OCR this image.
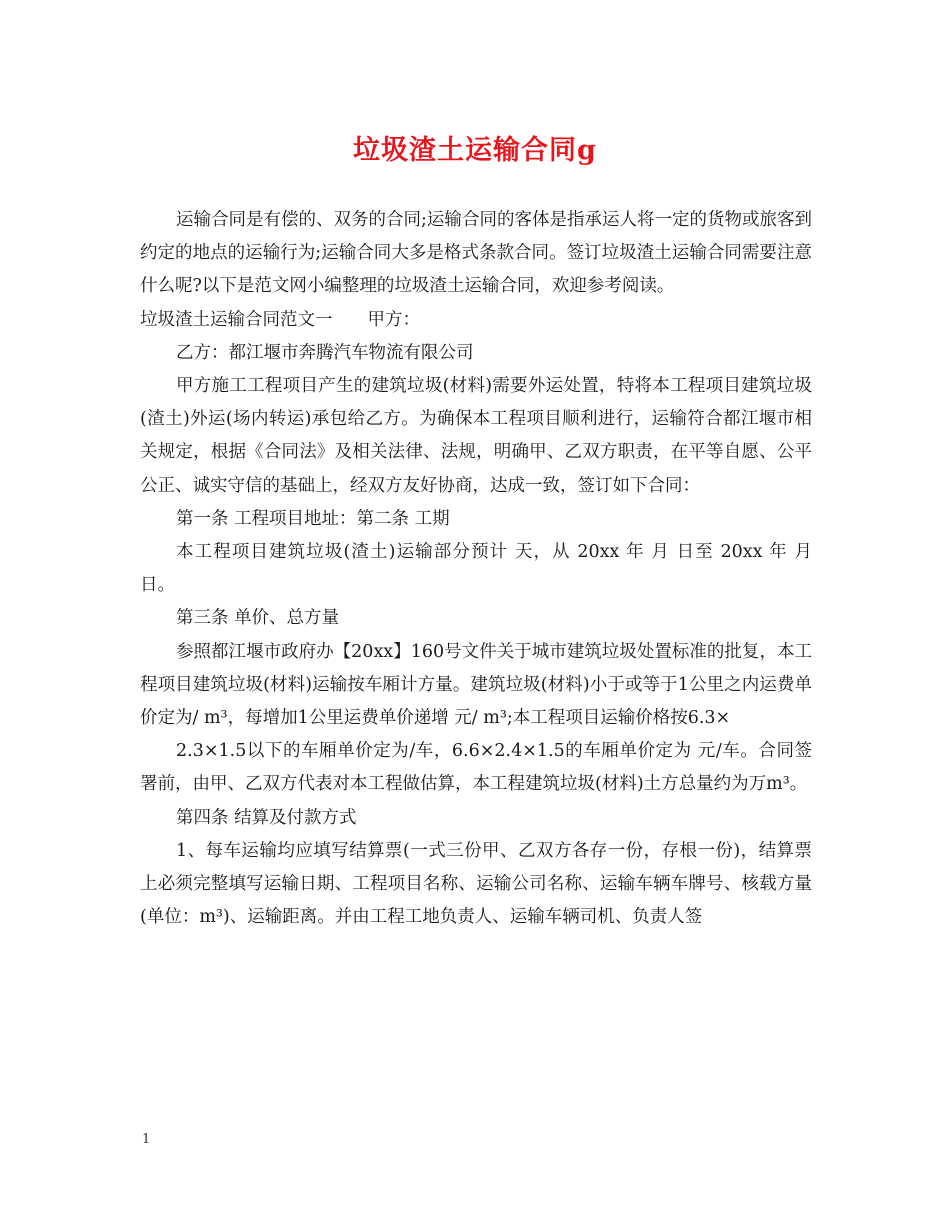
垃圾渣土运输合同g

运输合同是有偿的、双务的合同;运输合同的客体是指承运人将一定的货物或旅客到约定的地点的运输行为;运输合同大多是格式条款合同。签订垃圾渣土运输合同需要注意什么呢?以下是范文网小编整理的垃圾渣土运输合同，欢迎参考阅读。

垃圾渣土运输合同范文一　　甲方：

乙方：都江堰市奔腾汽车物流有限公司

甲方施工工程项目产生的建筑垃圾(材料)需要外运处置，特将本工程项目建筑垃圾(渣土)外运(场内转运)承包给乙方。为确保本工程项目顺利进行，运输符合都江堰市相关规定，根据《合同法》及相关法律、法规，明确甲、乙双方职责，在平等自愿、公平公正、诚实守信的基础上，经双方友好协商，达成一致，签订如下合同：

第一条 工程项目地址：第二条 工期

本工程项目建筑垃圾(渣土)运输部分预计 天，从 20xx 年 月 日至 20xx 年 月 日。

第三条 单价、总方量

参照都江堰市政府办【20xx】160号文件关于城市建筑垃圾处置标准的批复，本工程项目建筑垃圾(材料)运输按车厢计方量。建筑垃圾(材料)小于或等于1公里之内运费单价定为/ m³，每增加1公里运费单价递增 元/ m³;本工程项目运输价格按6.3×

2.3×1.5以下的车厢单价定为/车，6.6×2.4×1.5的车厢单价定为 元/车。合同签署前，由甲、乙双方代表对本工程做估算，本工程建筑垃圾(材料)土方总量约为万m³。

第四条 结算及付款方式

1、每车运输均应填写结算票(一式三份甲、乙双方各存一份，存根一份)，结算票上必须完整填写运输日期、工程项目名称、运输公司名称、运输车辆车牌号、核载方量(单位：m³)、运输距离。并由工程工地负责人、运输车辆司机、负责人签

1
